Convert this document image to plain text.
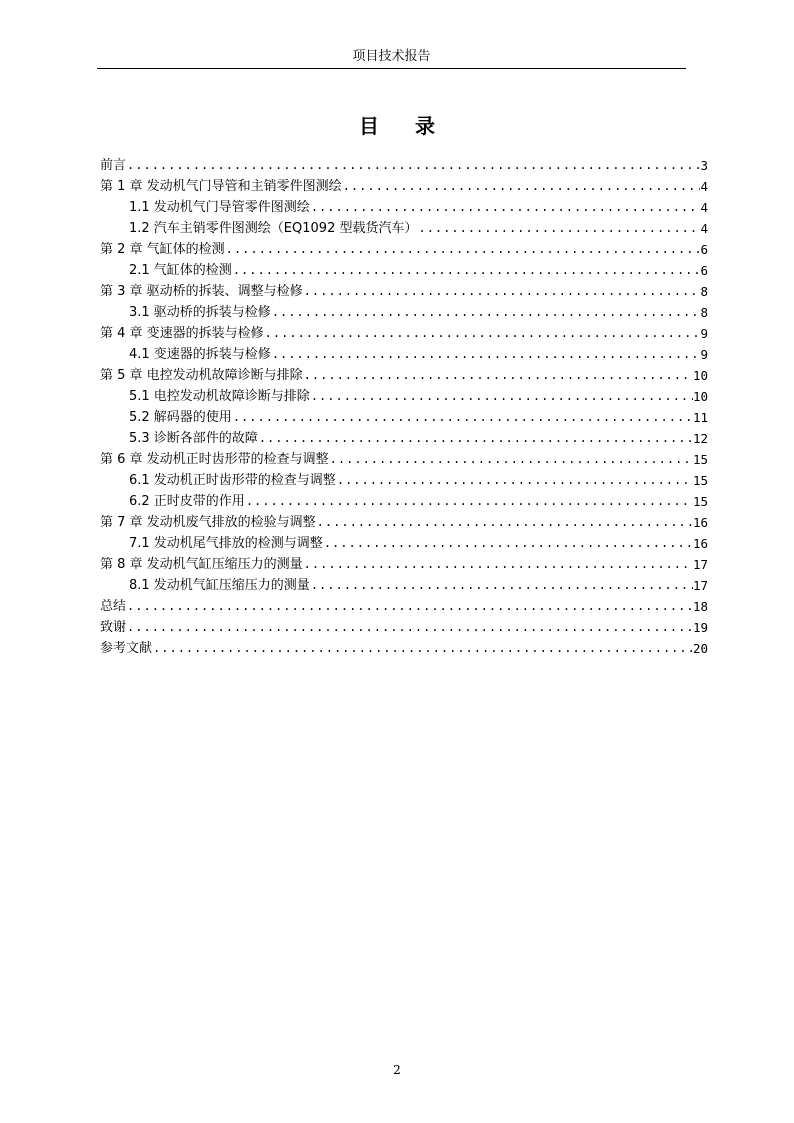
项目技术报告
目录
前言 .....	3
第 1 章 发动机气门导管和主销零件图测绘 .....	4
1.1 发动机气门导管零件图测绘 .....	4
1.2 汽车主销零件图测绘（EQ1092 型载货汽车） .....	4
第 2 章 气缸体的检测 .....	6
2.1 气缸体的检测 .....	6
第 3 章 驱动桥的拆装、调整与检修 .....	8
3.1 驱动桥的拆装与检修 .....	8
第 4 章 变速器的拆装与检修 .....	9
4.1 变速器的拆装与检修 .....	9
第 5 章 电控发动机故障诊断与排除 .....	10
5.1 电控发动机故障诊断与排除 .....	10
5.2 解码器的使用 .....	11
5.3 诊断各部件的故障 .....	12
第 6 章 发动机正时齿形带的检查与调整 .....	15
6.1 发动机正时齿形带的检查与调整 .....	15
6.2 正时皮带的作用 .....	15
第 7 章 发动机废气排放的检验与调整 .....	16
7.1 发动机尾气排放的检测与调整 .....	16
第 8 章 发动机气缸压缩压力的测量 .....	17
8.1 发动机气缸压缩压力的测量 .....	17
总结 .....	18
致谢 .....	19
参考文献 .....	20
2
